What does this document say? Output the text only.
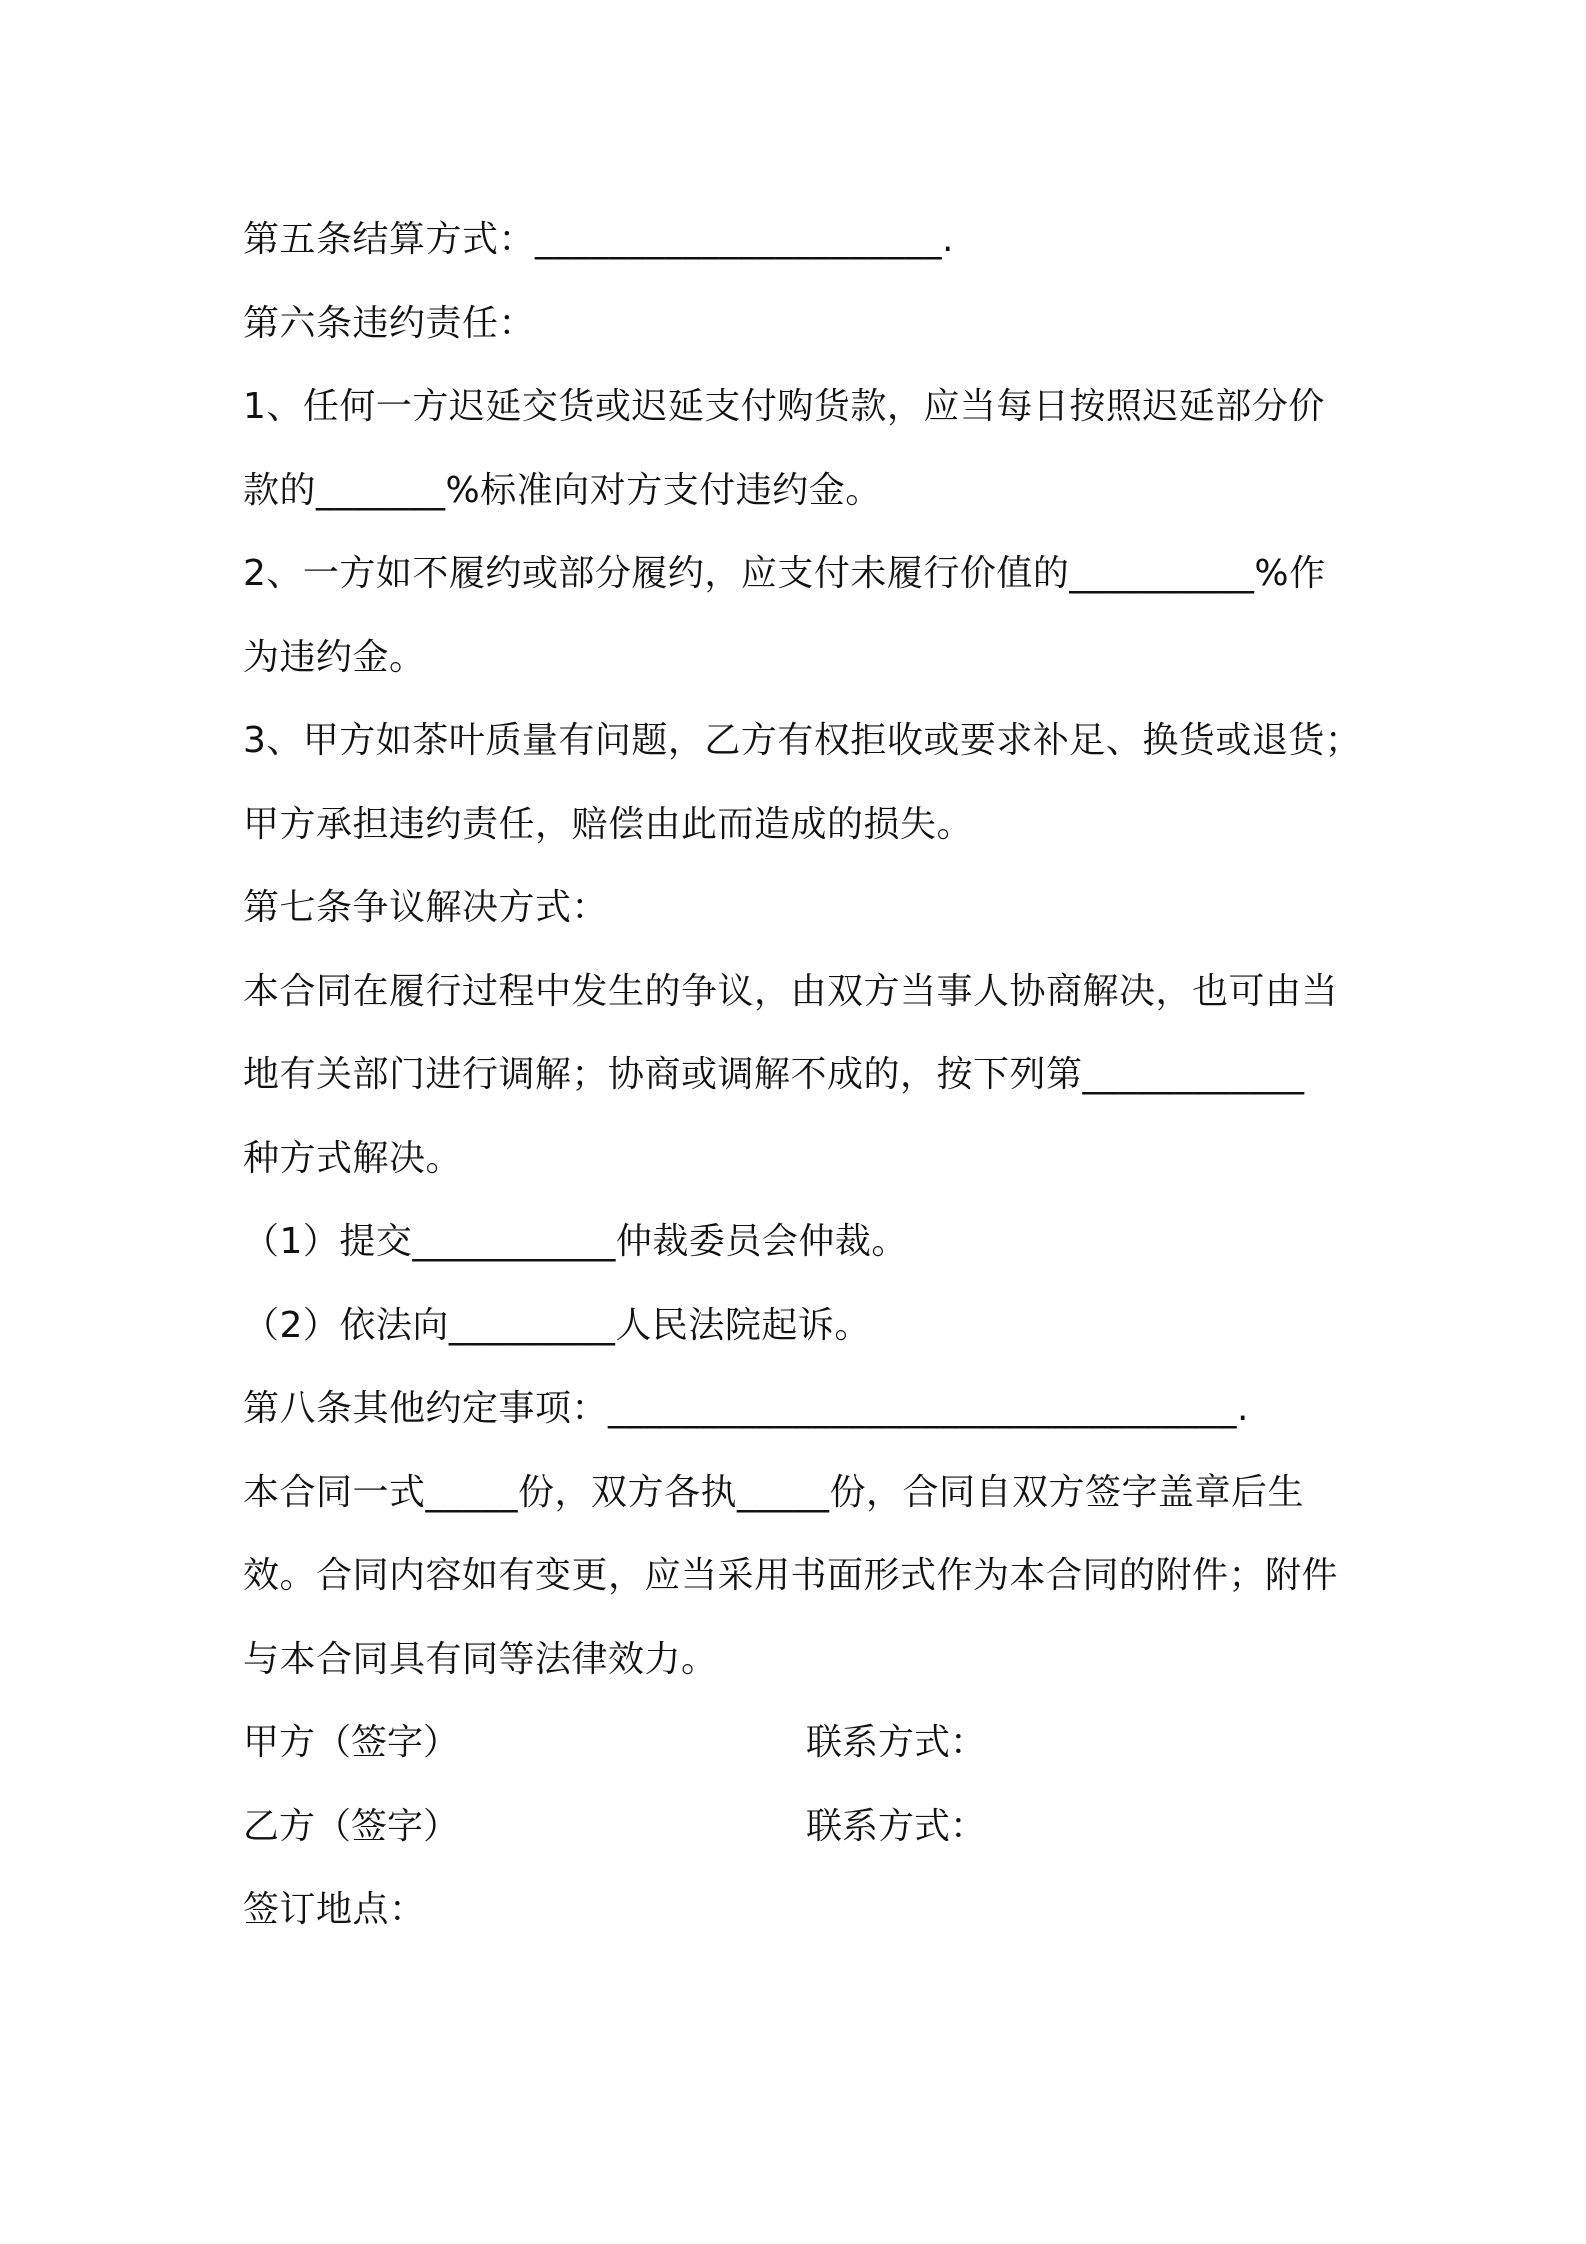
第五条结算方式：______________________.
第六条违约责任：
1、任何一方迟延交货或迟延支付购货款，应当每日按照迟延部分价
款的_______%标准向对方支付违约金。
2、一方如不履约或部分履约，应支付未履行价值的__________%作
为违约金。
3、甲方如茶叶质量有问题，乙方有权拒收或要求补足、换货或退货；
甲方承担违约责任，赔偿由此而造成的损失。
第七条争议解决方式：
本合同在履行过程中发生的争议，由双方当事人协商解决，也可由当
地有关部门进行调解；协商或调解不成的，按下列第____________
种方式解决。
（1）提交___________仲裁委员会仲裁。
（2）依法向_________人民法院起诉。
第八条其他约定事项：__________________________________.
本合同一式_____份，双方各执_____份，合同自双方签字盖章后生
效。合同内容如有变更，应当采用书面形式作为本合同的附件；附件
与本合同具有同等法律效力。

甲方（签字）

	联系方式：

乙方（签字）

	联系方式：

签订地点：
